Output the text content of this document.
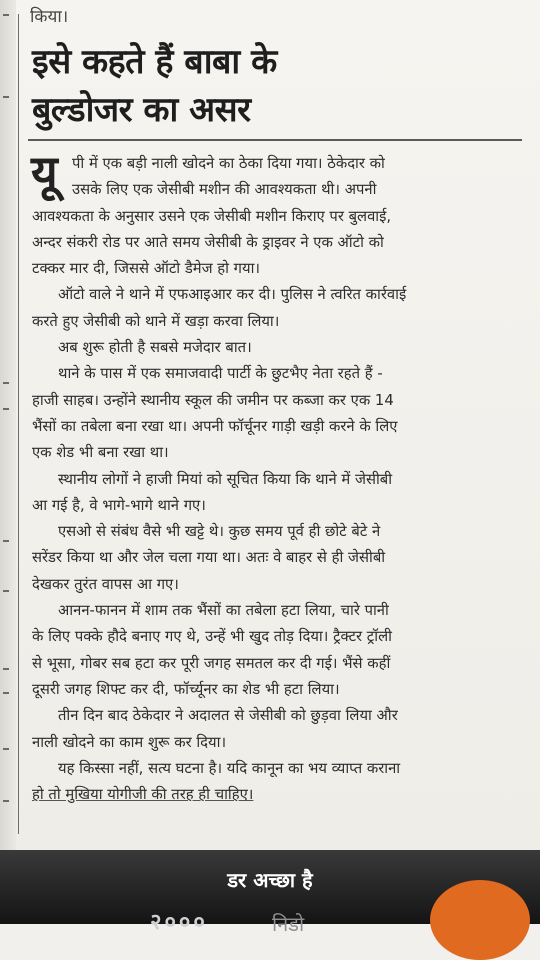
किया।
इसे कहते हैं बाबा के
बुल्डोजर का असर
यू पी में एक बड़ी नाली खोदने का ठेका दिया गया। ठेकेदार को
उसके लिए एक जेसीबी मशीन की आवश्यकता थी। अपनी
आवश्यकता के अनुसार उसने एक जेसीबी मशीन किराए पर बुलवाई,
अन्दर संकरी रोड पर आते समय जेसीबी के ड्राइवर ने एक ऑटो को
टक्कर मार दी, जिससे ऑटो डैमेज हो गया।
ऑटो वाले ने थाने में एफआइआर कर दी। पुलिस ने त्वरित कार्रवाई
करते हुए जेसीबी को थाने में खड़ा करवा लिया।
अब शुरू होती है सबसे मजेदार बात।
थाने के पास में एक समाजवादी पार्टी के छुटभैए नेता रहते हैं -
हाजी साहब। उन्होंने स्थानीय स्कूल की जमीन पर कब्जा कर एक 14
भैंसों का तबेला बना रखा था। अपनी फॉर्चूनर गाड़ी खड़ी करने के लिए
एक शेड भी बना रखा था।
स्थानीय लोगों ने हाजी मियां को सूचित किया कि थाने में जेसीबी
आ गई है, वे भागे-भागे थाने गए।
एसओ से संबंध वैसे भी खट्टे थे। कुछ समय पूर्व ही छोटे बेटे ने
सरेंडर किया था और जेल चला गया था। अतः वे बाहर से ही जेसीबी
देखकर तुरंत वापस आ गए।
आनन-फानन में शाम तक भैंसों का तबेला हटा लिया, चारे पानी
के लिए पक्के हौदे बनाए गए थे, उन्हें भी खुद तोड़ दिया। ट्रैक्टर ट्रॉली
से भूसा, गोबर सब हटा कर पूरी जगह समतल कर दी गई। भैंसे कहीं
दूसरी जगह शिफ्ट कर दी, फॉर्च्यूनर का शेड भी हटा लिया।
तीन दिन बाद ठेकेदार ने अदालत से जेसीबी को छुड़वा लिया और
नाली खोदने का काम शुरू कर दिया।
यह किस्सा नहीं, सत्य घटना है। यदि कानून का भय व्याप्त कराना
हो तो मुखिया योगीजी की तरह ही चाहिए।
२०००	निडो
डर अच्छा है
